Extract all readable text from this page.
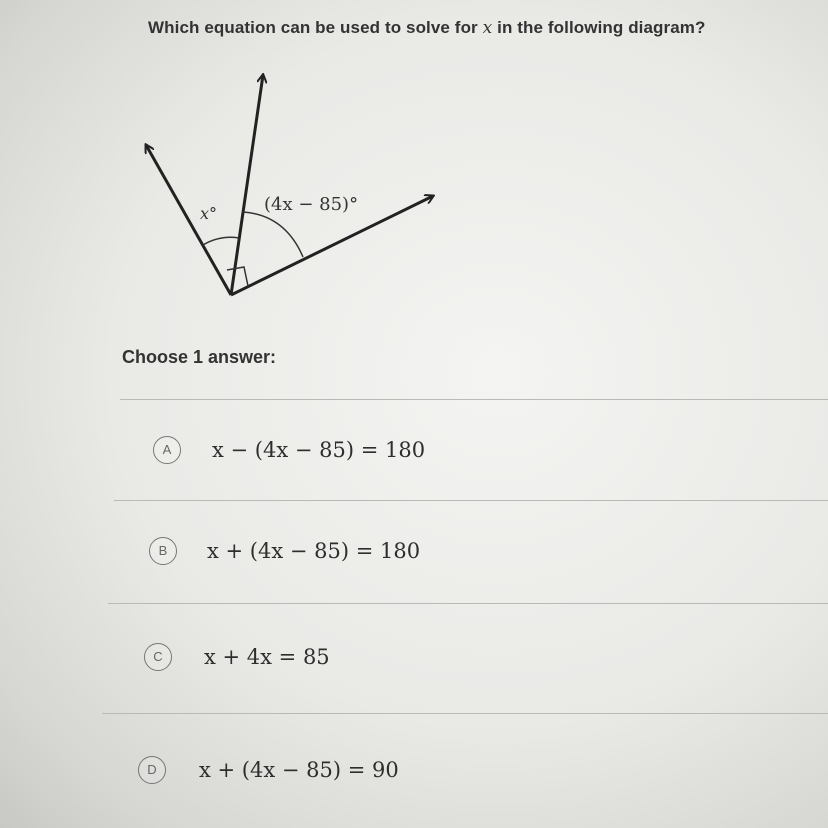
Which equation can be used to solve for x in the following diagram?
x°	(4x − 85)°
Choose 1 answer:
A	x − (4x − 85) = 180
B	x + (4x − 85) = 180
C	x + 4x = 85
D	x + (4x − 85) = 90
